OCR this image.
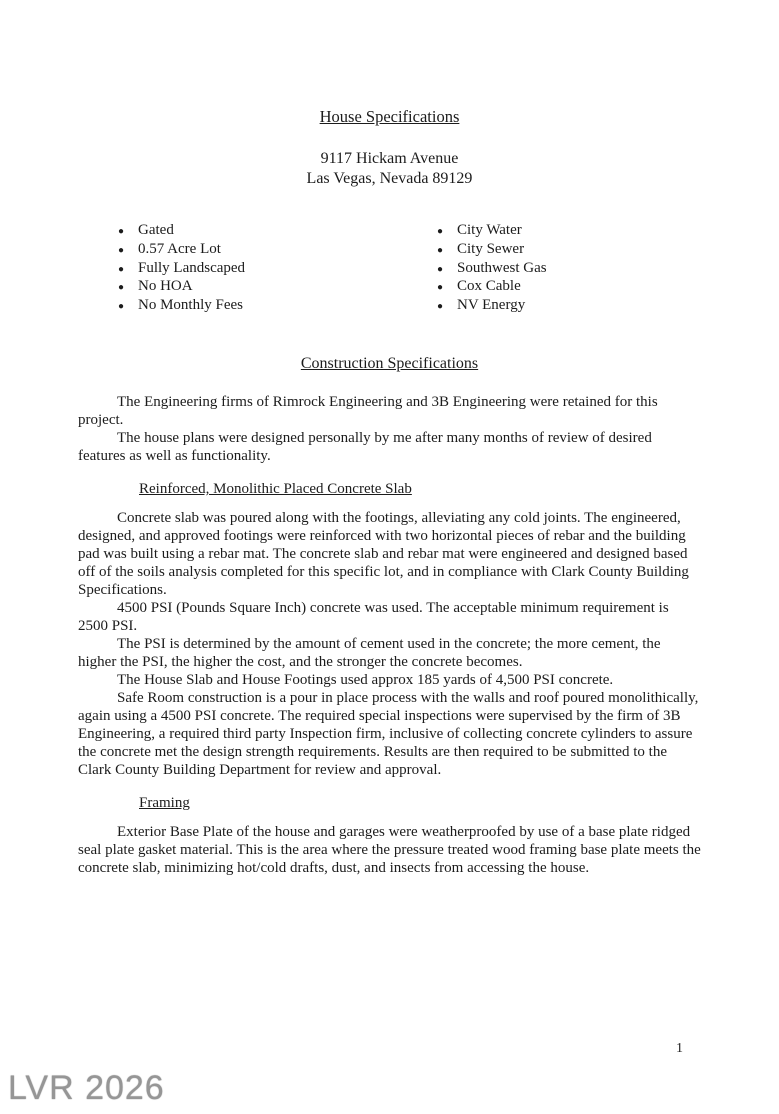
House Specifications
9117 Hickam Avenue
Las Vegas, Nevada 89129
● Gated
● 0.57 Acre Lot
● Fully Landscaped
● No HOA
● No Monthly Fees
● City Water
● City Sewer
● Southwest Gas
● Cox Cable
● NV Energy
Construction Specifications

The Engineering firms of Rimrock Engineering and 3B Engineering were retained for this project.

The house plans were designed personally by me after many months of review of desired features as well as functionality.

Reinforced, Monolithic Placed Concrete Slab

Concrete slab was poured along with the footings, alleviating any cold joints. The engineered, designed, and approved footings were reinforced with two horizontal pieces of rebar and the building pad was built using a rebar mat. The concrete slab and rebar mat were engineered and designed based off of the soils analysis completed for this specific lot, and in compliance with Clark County Building Specifications.

4500 PSI (Pounds Square Inch) concrete was used. The acceptable minimum requirement is 2500 PSI.

The PSI is determined by the amount of cement used in the concrete; the more cement, the higher the PSI, the higher the cost, and the stronger the concrete becomes.

The House Slab and House Footings used approx 185 yards of 4,500 PSI concrete.

Safe Room construction is a pour in place process with the walls and roof poured monolithically, again using a 4500 PSI concrete. The required special inspections were supervised by the firm of 3B Engineering, a required third party Inspection firm, inclusive of collecting concrete cylinders to assure the concrete met the design strength requirements. Results are then required to be submitted to the Clark County Building Department for review and approval.

Framing

Exterior Base Plate of the house and garages were weatherproofed by use of a base plate ridged seal plate gasket material. This is the area where the pressure treated wood framing base plate meets the concrete slab, minimizing hot/cold drafts, dust, and insects from accessing the house.

1
LVR 2026
